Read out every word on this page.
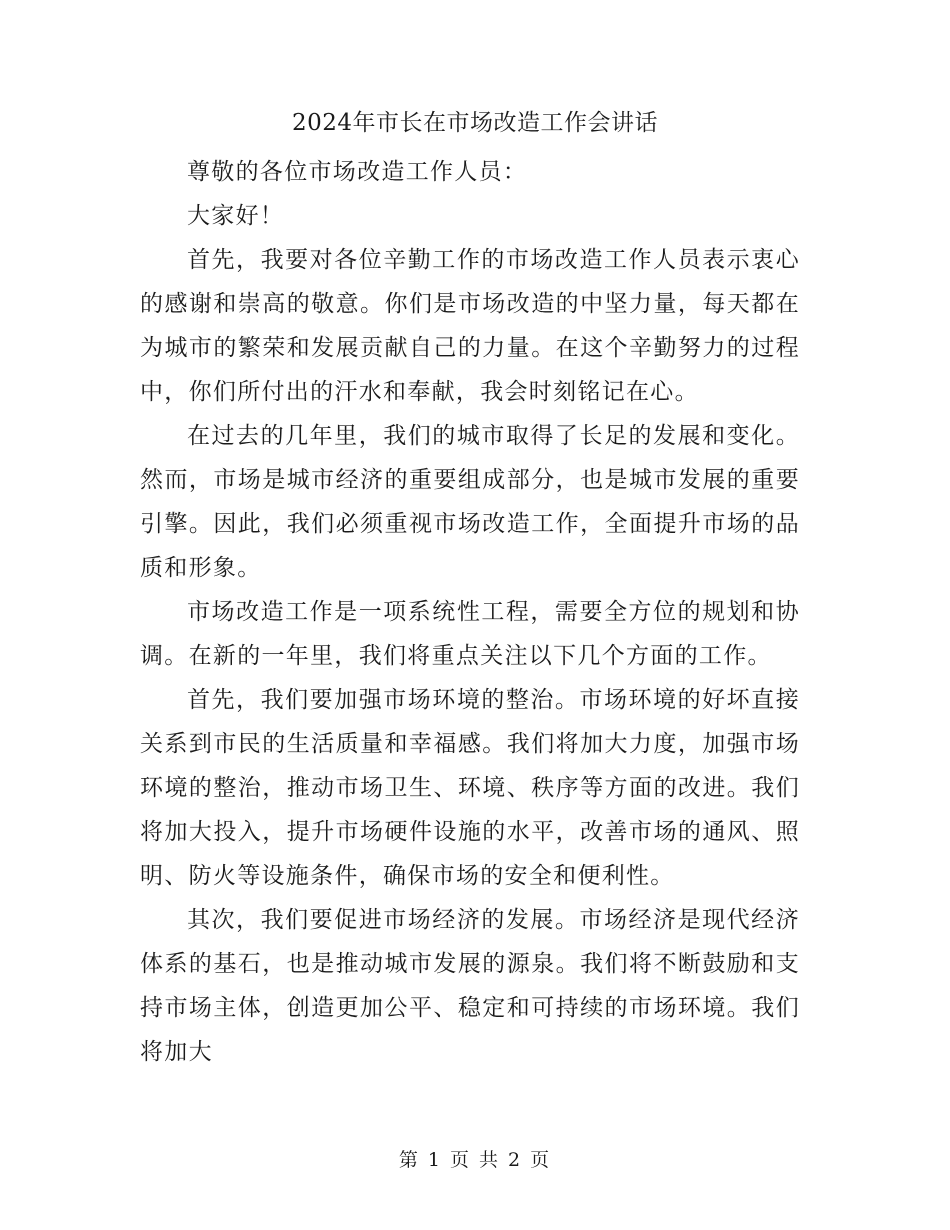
2024年市长在市场改造工作会讲话

尊敬的各位市场改造工作人员：

大家好！

首先，我要对各位辛勤工作的市场改造工作人员表示衷心的感谢和崇高的敬意。你们是市场改造的中坚力量，每天都在为城市的繁荣和发展贡献自己的力量。在这个辛勤努力的过程中，你们所付出的汗水和奉献，我会时刻铭记在心。

在过去的几年里，我们的城市取得了长足的发展和变化。然而，市场是城市经济的重要组成部分，也是城市发展的重要引擎。因此，我们必须重视市场改造工作，全面提升市场的品质和形象。

市场改造工作是一项系统性工程，需要全方位的规划和协调。在新的一年里，我们将重点关注以下几个方面的工作。

首先，我们要加强市场环境的整治。市场环境的好坏直接关系到市民的生活质量和幸福感。我们将加大力度，加强市场环境的整治，推动市场卫生、环境、秩序等方面的改进。我们将加大投入，提升市场硬件设施的水平，改善市场的通风、照明、防火等设施条件，确保市场的安全和便利性。

其次，我们要促进市场经济的发展。市场经济是现代经济体系的基石，也是推动城市发展的源泉。我们将不断鼓励和支持市场主体，创造更加公平、稳定和可持续的市场环境。我们将加大

第 1 页 共 2 页
